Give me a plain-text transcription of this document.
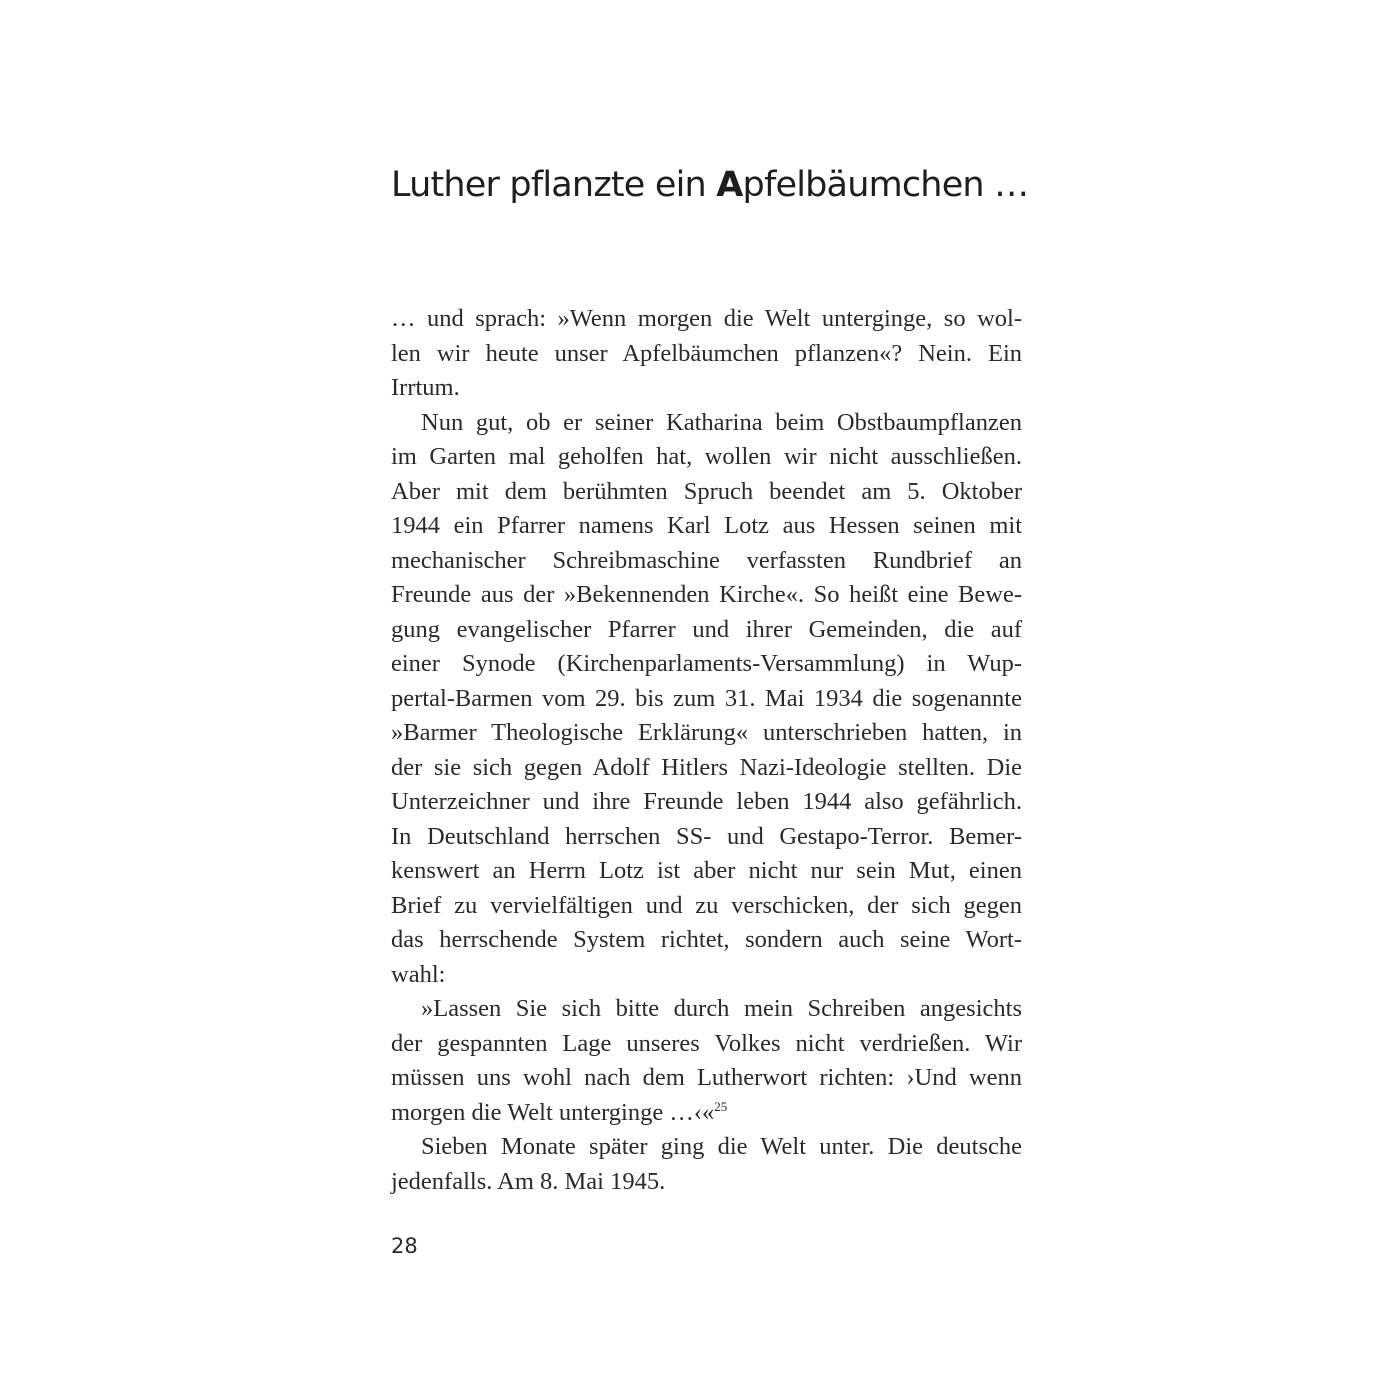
Luther pflanzte ein Apfelbäumchen …
… und sprach: »Wenn morgen die Welt unterginge, so wol-
len wir heute unser Apfelbäumchen pflanzen«? Nein. Ein
Irrtum.
Nun gut, ob er seiner Katharina beim Obstbaumpflanzen
im Garten mal geholfen hat, wollen wir nicht ausschließen.
Aber mit dem berühmten Spruch beendet am 5. Oktober
1944 ein Pfarrer namens Karl Lotz aus Hessen seinen mit
mechanischer Schreibmaschine verfassten Rundbrief an
Freunde aus der »Bekennenden Kirche«. So heißt eine Bewe-
gung evangelischer Pfarrer und ihrer Gemeinden, die auf
einer Synode (Kirchenparlaments-Versammlung) in Wup-
pertal-Barmen vom 29. bis zum 31. Mai 1934 die sogenannte
»Barmer Theologische Erklärung« unterschrieben hatten, in
der sie sich gegen Adolf Hitlers Nazi-Ideologie stellten. Die
Unterzeichner und ihre Freunde leben 1944 also gefährlich.
In Deutschland herrschen SS- und Gestapo-Terror. Bemer-
kenswert an Herrn Lotz ist aber nicht nur sein Mut, einen
Brief zu vervielfältigen und zu verschicken, der sich gegen
das herrschende System richtet, sondern auch seine Wort-
wahl:
»Lassen Sie sich bitte durch mein Schreiben angesichts
der gespannten Lage unseres Volkes nicht verdrießen. Wir
müssen uns wohl nach dem Lutherwort richten: ›Und wenn
morgen die Welt unterginge …‹«$^{25}$
Sieben Monate später ging die Welt unter. Die deutsche
jedenfalls. Am 8. Mai 1945.
28
